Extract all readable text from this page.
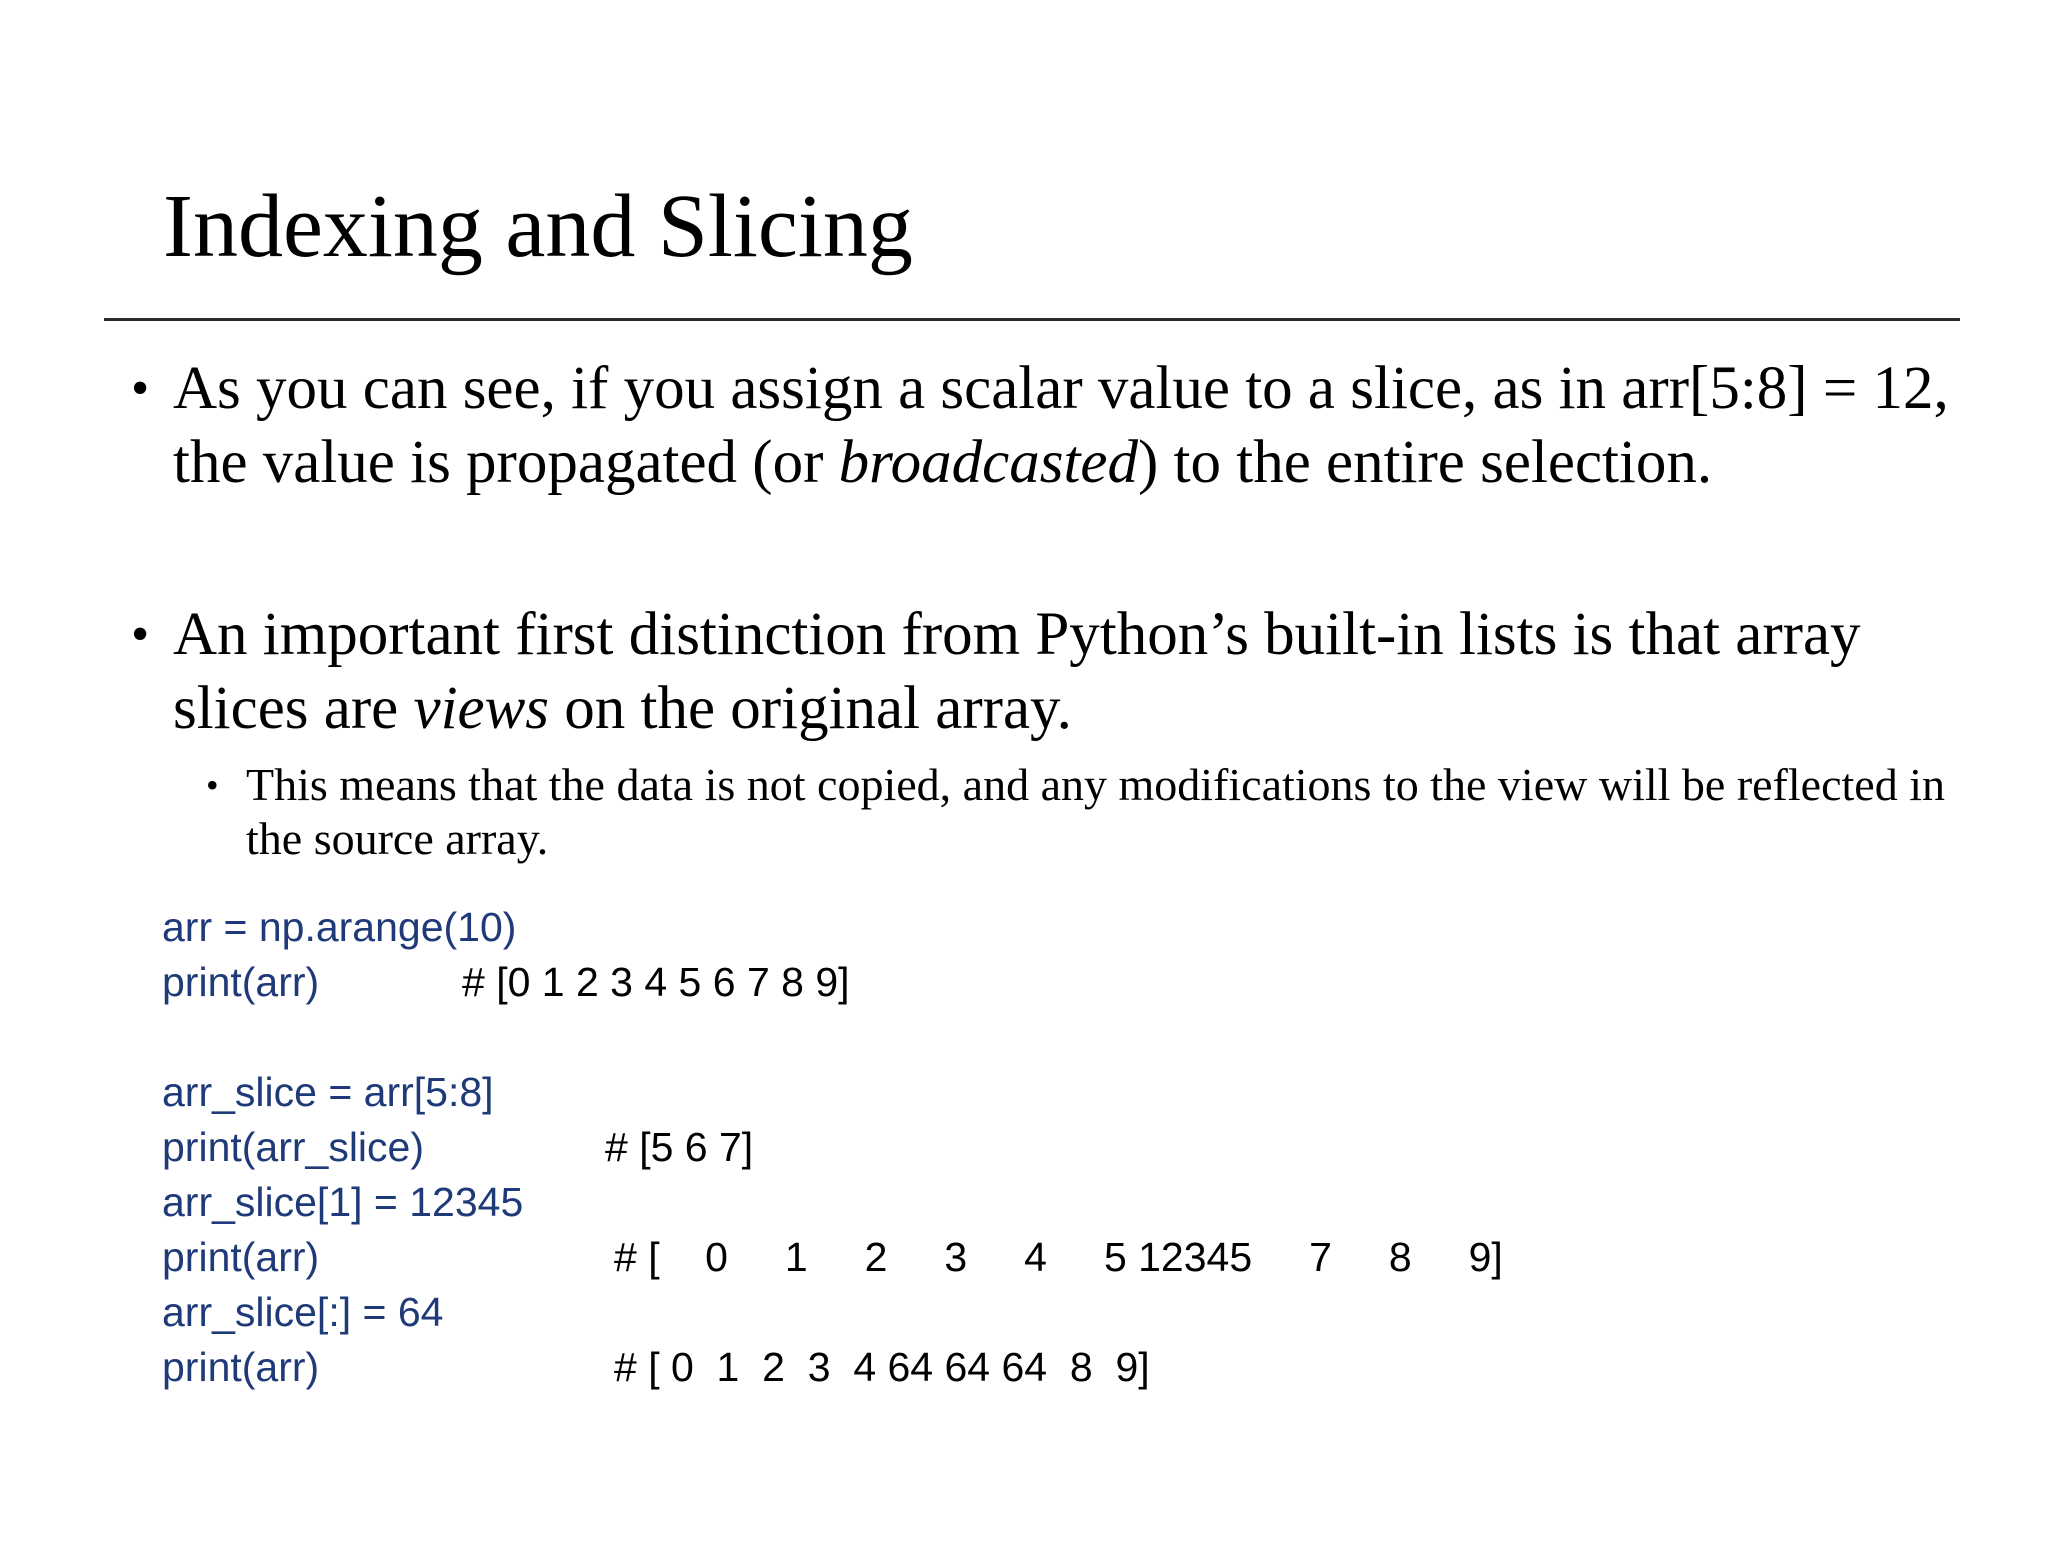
Indexing and Slicing
• As you can see, if you assign a scalar value to a slice, as in arr[5:8] = 12, the value is propagated (or broadcasted) to the entire selection.
• An important first distinction from Python’s built-in lists is that array slices are views on the original array.
• This means that the data is not copied, and any modifications to the view will be reflected in the source array.

arr = np.arange(10)

print(arr)

	# [0 1 2 3 4 5 6 7 8 9]

arr_slice = arr[5:8]

print(arr_slice)

	# [5 6 7]

arr_slice[1] = 12345

print(arr)

	# [    0     1     2     3     4     5 12345     7     8     9]

arr_slice[:] = 64

print(arr)

	# [ 0  1  2  3  4 64 64 64  8  9]
